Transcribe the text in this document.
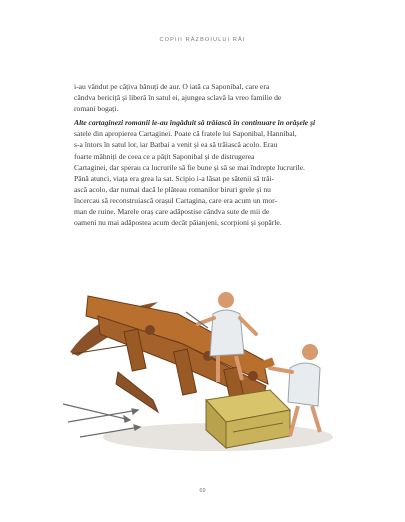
COPIII RĂZBOIULUI RĂI
i-au vândut pe câțiva bănuți de aur. O iată ca Saponibal, care era
cândva bericiță și liberă în satul ei, ajungea sclavă la vreo familie de
romani bogați.
Alte cartaginezi romanii le-au îngăduit să trăiască în continuare în orășele și
satele din apropierea Cartaginei. Poate că fratele lui Saponibal, Hannibal,
s-a întors în satul lor, iar Batbai a venit și ea să trăiască acolo. Erau
foarte mâhniți de ceea ce a pățit Saponibal și de distrugerea
Cartaginei, dar sperau ca lucrurile să fie bune și să se mai îndrepte lucrurile.
Până atunci, viața era grea la sat. Scipio i-a lăsat pe sătenii să trăi-
ască acolo, dar numai dacă le plăteau romanilor biruri grele și nu
încercau să reconstruiască orașul Cartagina, care era acum un mor-
man de ruine. Marele oraș care adăpostise cândva sute de mii de
oameni nu mai adăpostea acum decât păianjeni, scorpioni și șopârle.
69
